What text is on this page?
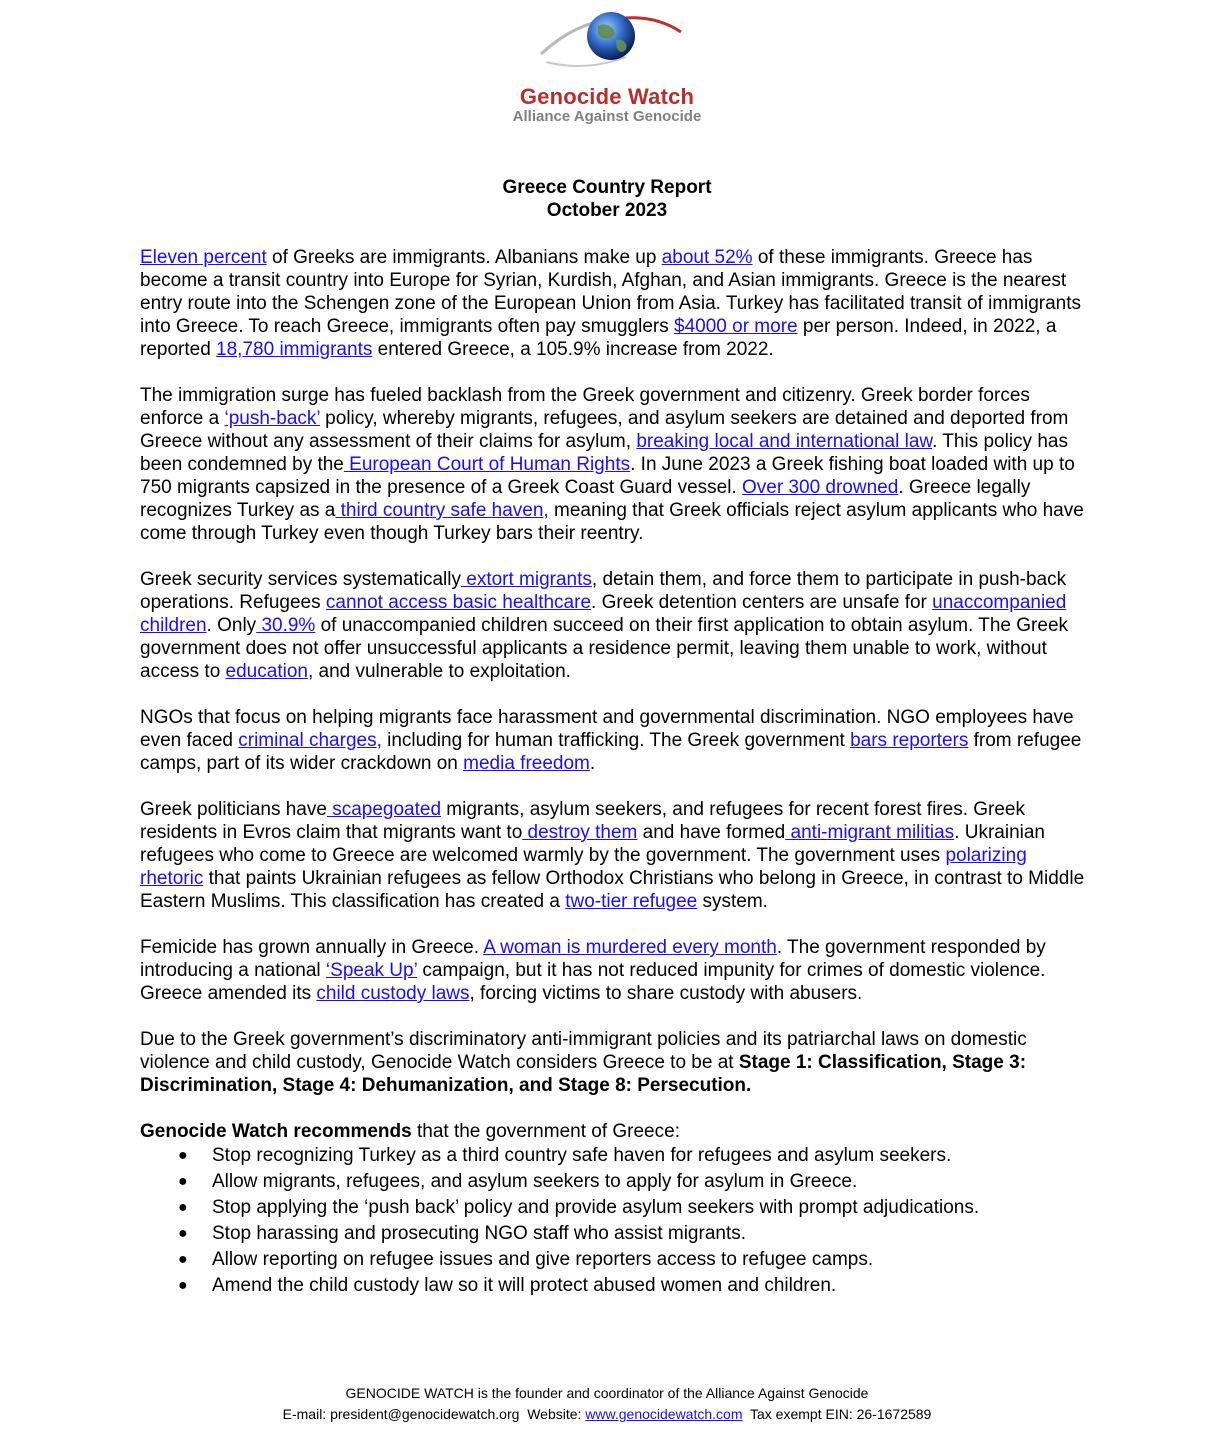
Genocide Watch
Alliance Against Genocide
Greece Country Report
October 2023

Eleven percent of Greeks are immigrants. Albanians make up about 52% of these immigrants. Greece has become a transit country into Europe for Syrian, Kurdish, Afghan, and Asian immigrants. Greece is the nearest entry route into the Schengen zone of the European Union from Asia. Turkey has facilitated transit of immigrants into Greece. To reach Greece, immigrants often pay smugglers $4000 or more per person. Indeed, in 2022, a reported 18,780 immigrants entered Greece, a 105.9% increase from 2022.

The immigration surge has fueled backlash from the Greek government and citizenry. Greek border forces enforce a ‘push-back’ policy, whereby migrants, refugees, and asylum seekers are detained and deported from Greece without any assessment of their claims for asylum, breaking local and international law. This policy has been condemned by the European Court of Human Rights. In June 2023 a Greek fishing boat loaded with up to 750 migrants capsized in the presence of a Greek Coast Guard vessel. Over 300 drowned. Greece legally recognizes Turkey as a third country safe haven, meaning that Greek officials reject asylum applicants who have come through Turkey even though Turkey bars their reentry.

Greek security services systematically extort migrants, detain them, and force them to participate in push-back operations. Refugees cannot access basic healthcare. Greek detention centers are unsafe for unaccompanied children. Only 30.9% of unaccompanied children succeed on their first application to obtain asylum. The Greek government does not offer unsuccessful applicants a residence permit, leaving them unable to work, without access to education, and vulnerable to exploitation.

NGOs that focus on helping migrants face harassment and governmental discrimination. NGO employees have even faced criminal charges, including for human trafficking. The Greek government bars reporters from refugee camps, part of its wider crackdown on media freedom.

Greek politicians have scapegoated migrants, asylum seekers, and refugees for recent forest fires. Greek residents in Evros claim that migrants want to destroy them and have formed anti-migrant militias. Ukrainian refugees who come to Greece are welcomed warmly by the government. The government uses polarizing rhetoric that paints Ukrainian refugees as fellow Orthodox Christians who belong in Greece, in contrast to Middle Eastern Muslims. This classification has created a two-tier refugee system.

Femicide has grown annually in Greece. A woman is murdered every month. The government responded by introducing a national ‘Speak Up’ campaign, but it has not reduced impunity for crimes of domestic violence. Greece amended its child custody laws, forcing victims to share custody with abusers.

Due to the Greek government’s discriminatory anti-immigrant policies and its patriarchal laws on domestic violence and child custody, Genocide Watch considers Greece to be at Stage 1: Classification, Stage 3: Discrimination, Stage 4: Dehumanization, and Stage 8: Persecution.

Genocide Watch recommends that the government of Greece:
● Stop recognizing Turkey as a third country safe haven for refugees and asylum seekers.
● Allow migrants, refugees, and asylum seekers to apply for asylum in Greece.
● Stop applying the ‘push back’ policy and provide asylum seekers with prompt adjudications.
● Stop harassing and prosecuting NGO staff who assist migrants.
● Allow reporting on refugee issues and give reporters access to refugee camps.
● Amend the child custody law so it will protect abused women and children.
GENOCIDE WATCH is the founder and coordinator of the Alliance Against Genocide
E-mail: president@genocidewatch.org  Website: www.genocidewatch.com  Tax exempt EIN: 26-1672589
